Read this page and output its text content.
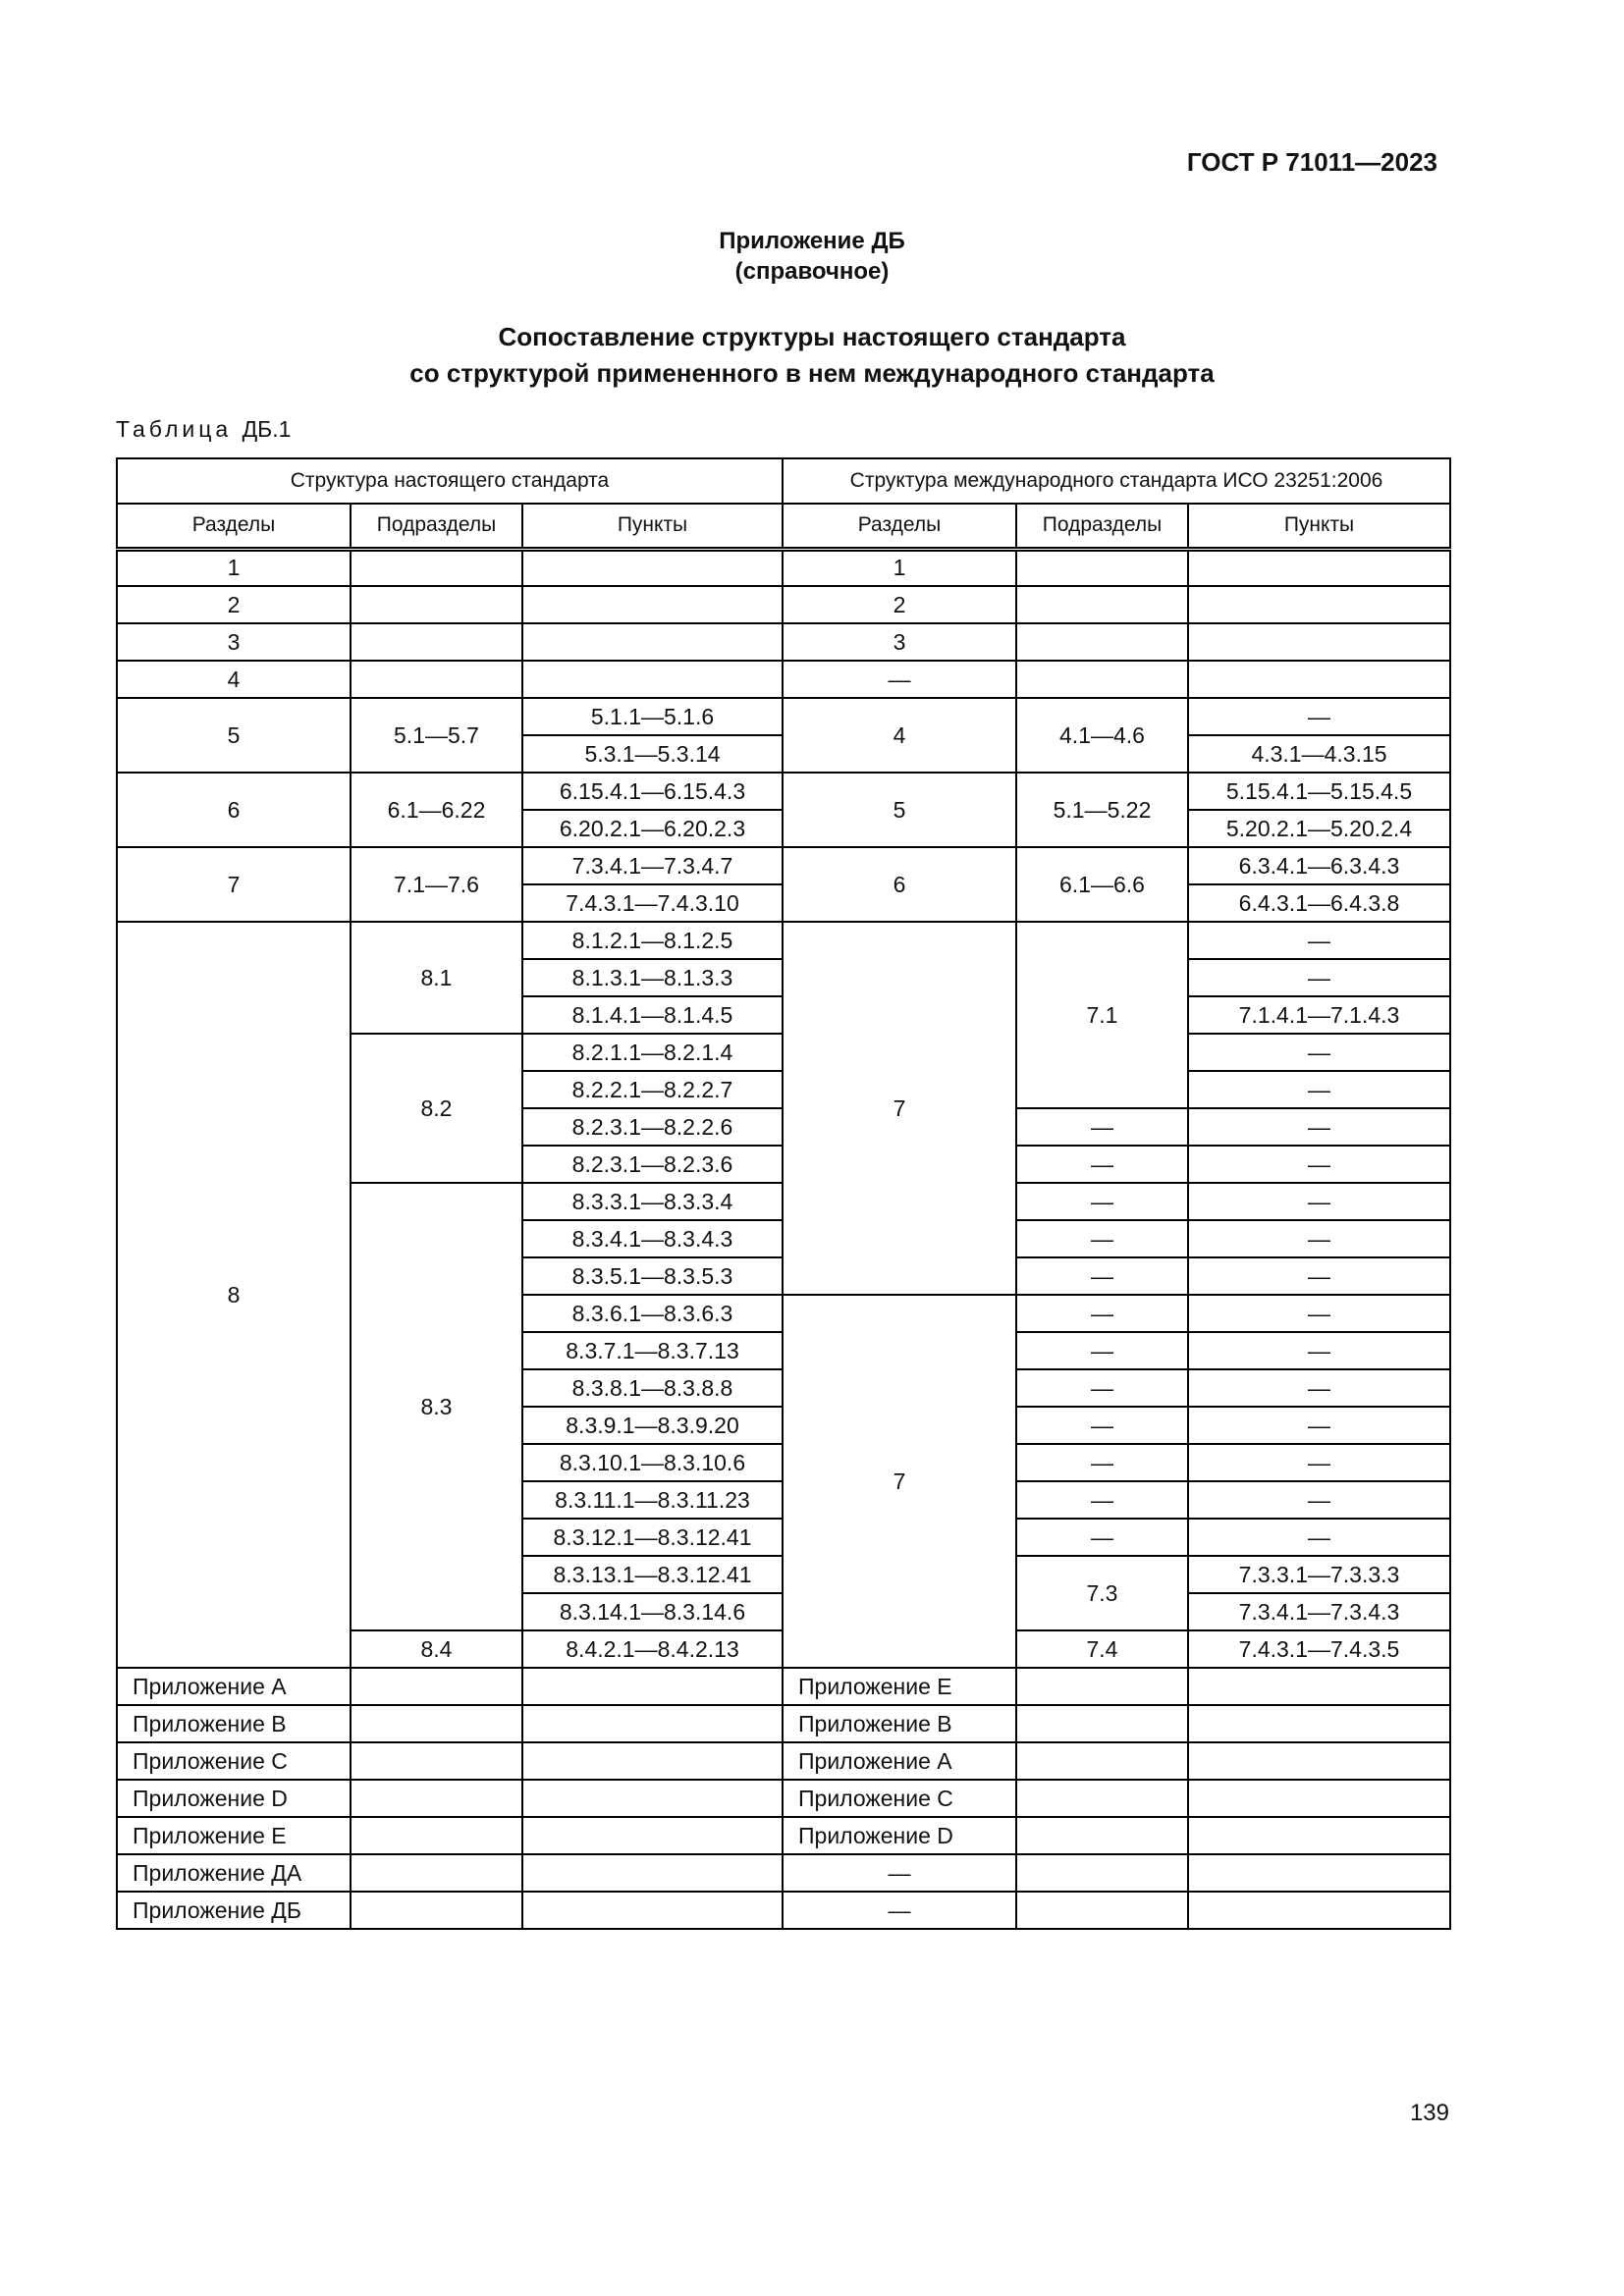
ГОСТ Р 71011—2023
Приложение ДБ
(справочное)
Сопоставление структуры настоящего стандарта
со структурой примененного в нем международного стандарта
Таблица ДБ.1
Структура настоящего стандарта			Структура международного стандарта ИСО 23251:2006		
Разделы	Подразделы	Пункты	Разделы	Подразделы	Пункты
1			1		
2			2		
3			3		
4			—		
5	5.1—5.7	5.1.1—5.1.6	4	4.1—4.6	—
		5.3.1—5.3.14			4.3.1—4.3.15
6	6.1—6.22	6.15.4.1—6.15.4.3	5	5.1—5.22	5.15.4.1—5.15.4.5
		6.20.2.1—6.20.2.3			5.20.2.1—5.20.2.4
7	7.1—7.6	7.3.4.1—7.3.4.7	6	6.1—6.6	6.3.4.1—6.3.4.3
		7.4.3.1—7.4.3.10			6.4.3.1—6.4.3.8
8	8.1	8.1.2.1—8.1.2.5	7	7.1	—
		8.1.3.1—8.1.3.3			—
		8.1.4.1—8.1.4.5			7.1.4.1—7.1.4.3
	8.2	8.2.1.1—8.2.1.4			—
		8.2.2.1—8.2.2.7			—
		8.2.3.1—8.2.2.6		—	—
		8.2.3.1—8.2.3.6		—	—
	8.3	8.3.3.1—8.3.3.4		—	—
		8.3.4.1—8.3.4.3		—	—
		8.3.5.1—8.3.5.3		—	—
		8.3.6.1—8.3.6.3	7	—	—
		8.3.7.1—8.3.7.13		—	—
		8.3.8.1—8.3.8.8		—	—
		8.3.9.1—8.3.9.20		—	—
		8.3.10.1—8.3.10.6		—	—
		8.3.11.1—8.3.11.23		—	—
		8.3.12.1—8.3.12.41		—	—
		8.3.13.1—8.3.12.41		7.3	7.3.3.1—7.3.3.3
		8.3.14.1—8.3.14.6			7.3.4.1—7.3.4.3
	8.4	8.4.2.1—8.4.2.13		7.4	7.4.3.1—7.4.3.5
Приложение А			Приложение E		
Приложение В			Приложение B		
Приложение С			Приложение A		
Приложение D			Приложение C		
Приложение E			Приложение D		
Приложение ДА			—		
Приложение ДБ			—		
139
